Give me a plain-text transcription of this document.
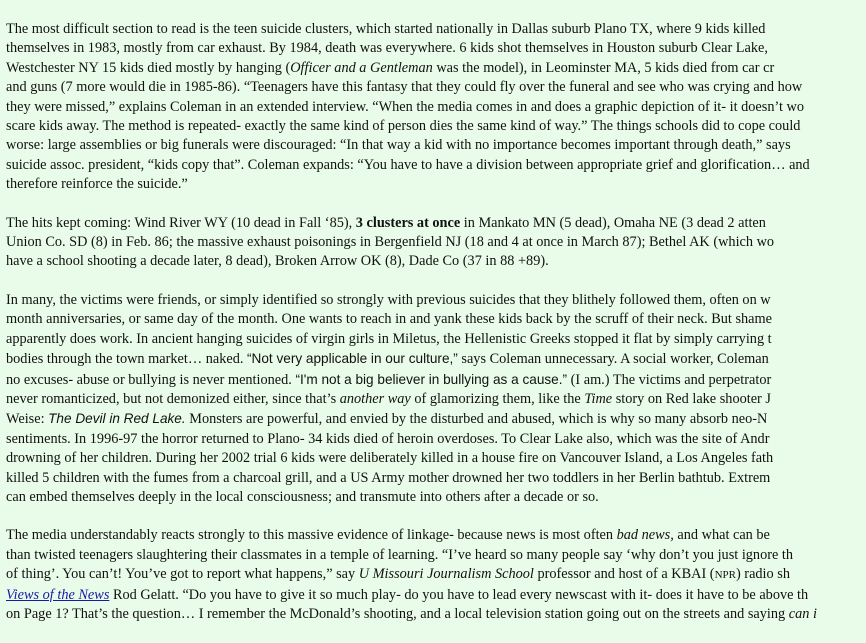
The most difficult section to read is the teen suicide clusters, which started nationally in Dallas suburb Plano TX, where 9 kids killed
themselves in 1983, mostly from car exhaust. By 1984, death was everywhere. 6 kids shot themselves in Houston suburb Clear Lake,
Westchester NY 15 kids died mostly by hanging (Officer and a Gentleman was the model), in Leominster MA, 5 kids died from car cr
and guns (7 more would die in 1985-86). “Teenagers have this fantasy that they could fly over the funeral and see who was crying and how
they were missed,” explains Coleman in an extended interview. “When the media comes in and does a graphic depiction of it- it doesn’t wo
scare kids away. The method is repeated- exactly the same kind of person dies the same kind of way.” The things schools did to cope could
worse: large assemblies or big funerals were discouraged: “In that way a kid with no importance becomes important through death,” says
suicide assoc. president, “kids copy that”. Coleman expands: “You have to have a division between appropriate grief and glorification… and
therefore reinforce the suicide.”

The hits kept coming: Wind River WY (10 dead in Fall ‘85), 3 clusters at once in Mankato MN (5 dead), Omaha NE (3 dead 2 atten
Union Co. SD (8) in Feb. 86; the massive exhaust poisonings in Bergenfield NJ (18 and 4 at once in March 87); Bethel AK (which wo
have a school shooting a decade later, 8 dead), Broken Arrow OK (8), Dade Co (37 in 88 +89).

In many, the victims were friends, or simply identified so strongly with previous suicides that they blithely followed them, often on w
month anniversaries, or same day of the month. One wants to reach in and yank these kids back by the scruff of their neck. But shame
apparently does work. In ancient hanging suicides of virgin girls in Miletus, the Hellenistic Greeks stopped it flat by simply carrying t
bodies through the town market… naked. “Not very applicable in our culture,” says Coleman unnecessary. A social worker, Coleman
no excuses- abuse or bullying is never mentioned. “I'm not a big believer in bullying as a cause.” (I am.) The victims and perpetrator
never romanticized, but not demonized either, since that’s another way of glamorizing them, like the Time story on Red lake shooter J
Weise: The Devil in Red Lake. Monsters are powerful, and envied by the disturbed and abused, which is why so many absorb neo-N
sentiments. In 1996-97 the horror returned to Plano- 34 kids died of heroin overdoses. To Clear Lake also, which was the site of Andr
drowning of her children. During her 2002 trial 6 kids were deliberately killed in a house fire on Vancouver Island, a Los Angeles fath
killed 5 children with the fumes from a charcoal grill, and a US Army mother drowned her two toddlers in her Berlin bathtub. Extrem
can embed themselves deeply in the local consciousness; and transmute into others after a decade or so.

The media understandably reacts strongly to this massive evidence of linkage- because news is most often bad news, and what can be
than twisted teenagers slaughtering their classmates in a temple of learning. “I’ve heard so many people say ‘why don’t you just ignore th
of thing’. You can’t! You’ve got to report what happens,” say U Missouri Journalism School professor and host of a KBAI (NPR) radio sh
Views of the News Rod Gelatt. “Do you have to give it so much play- do you have to lead every newscast with it- does it have to be above th
on Page 1? That’s the question… I remember the McDonald’s shooting, and a local television station going out on the streets and saying can i
